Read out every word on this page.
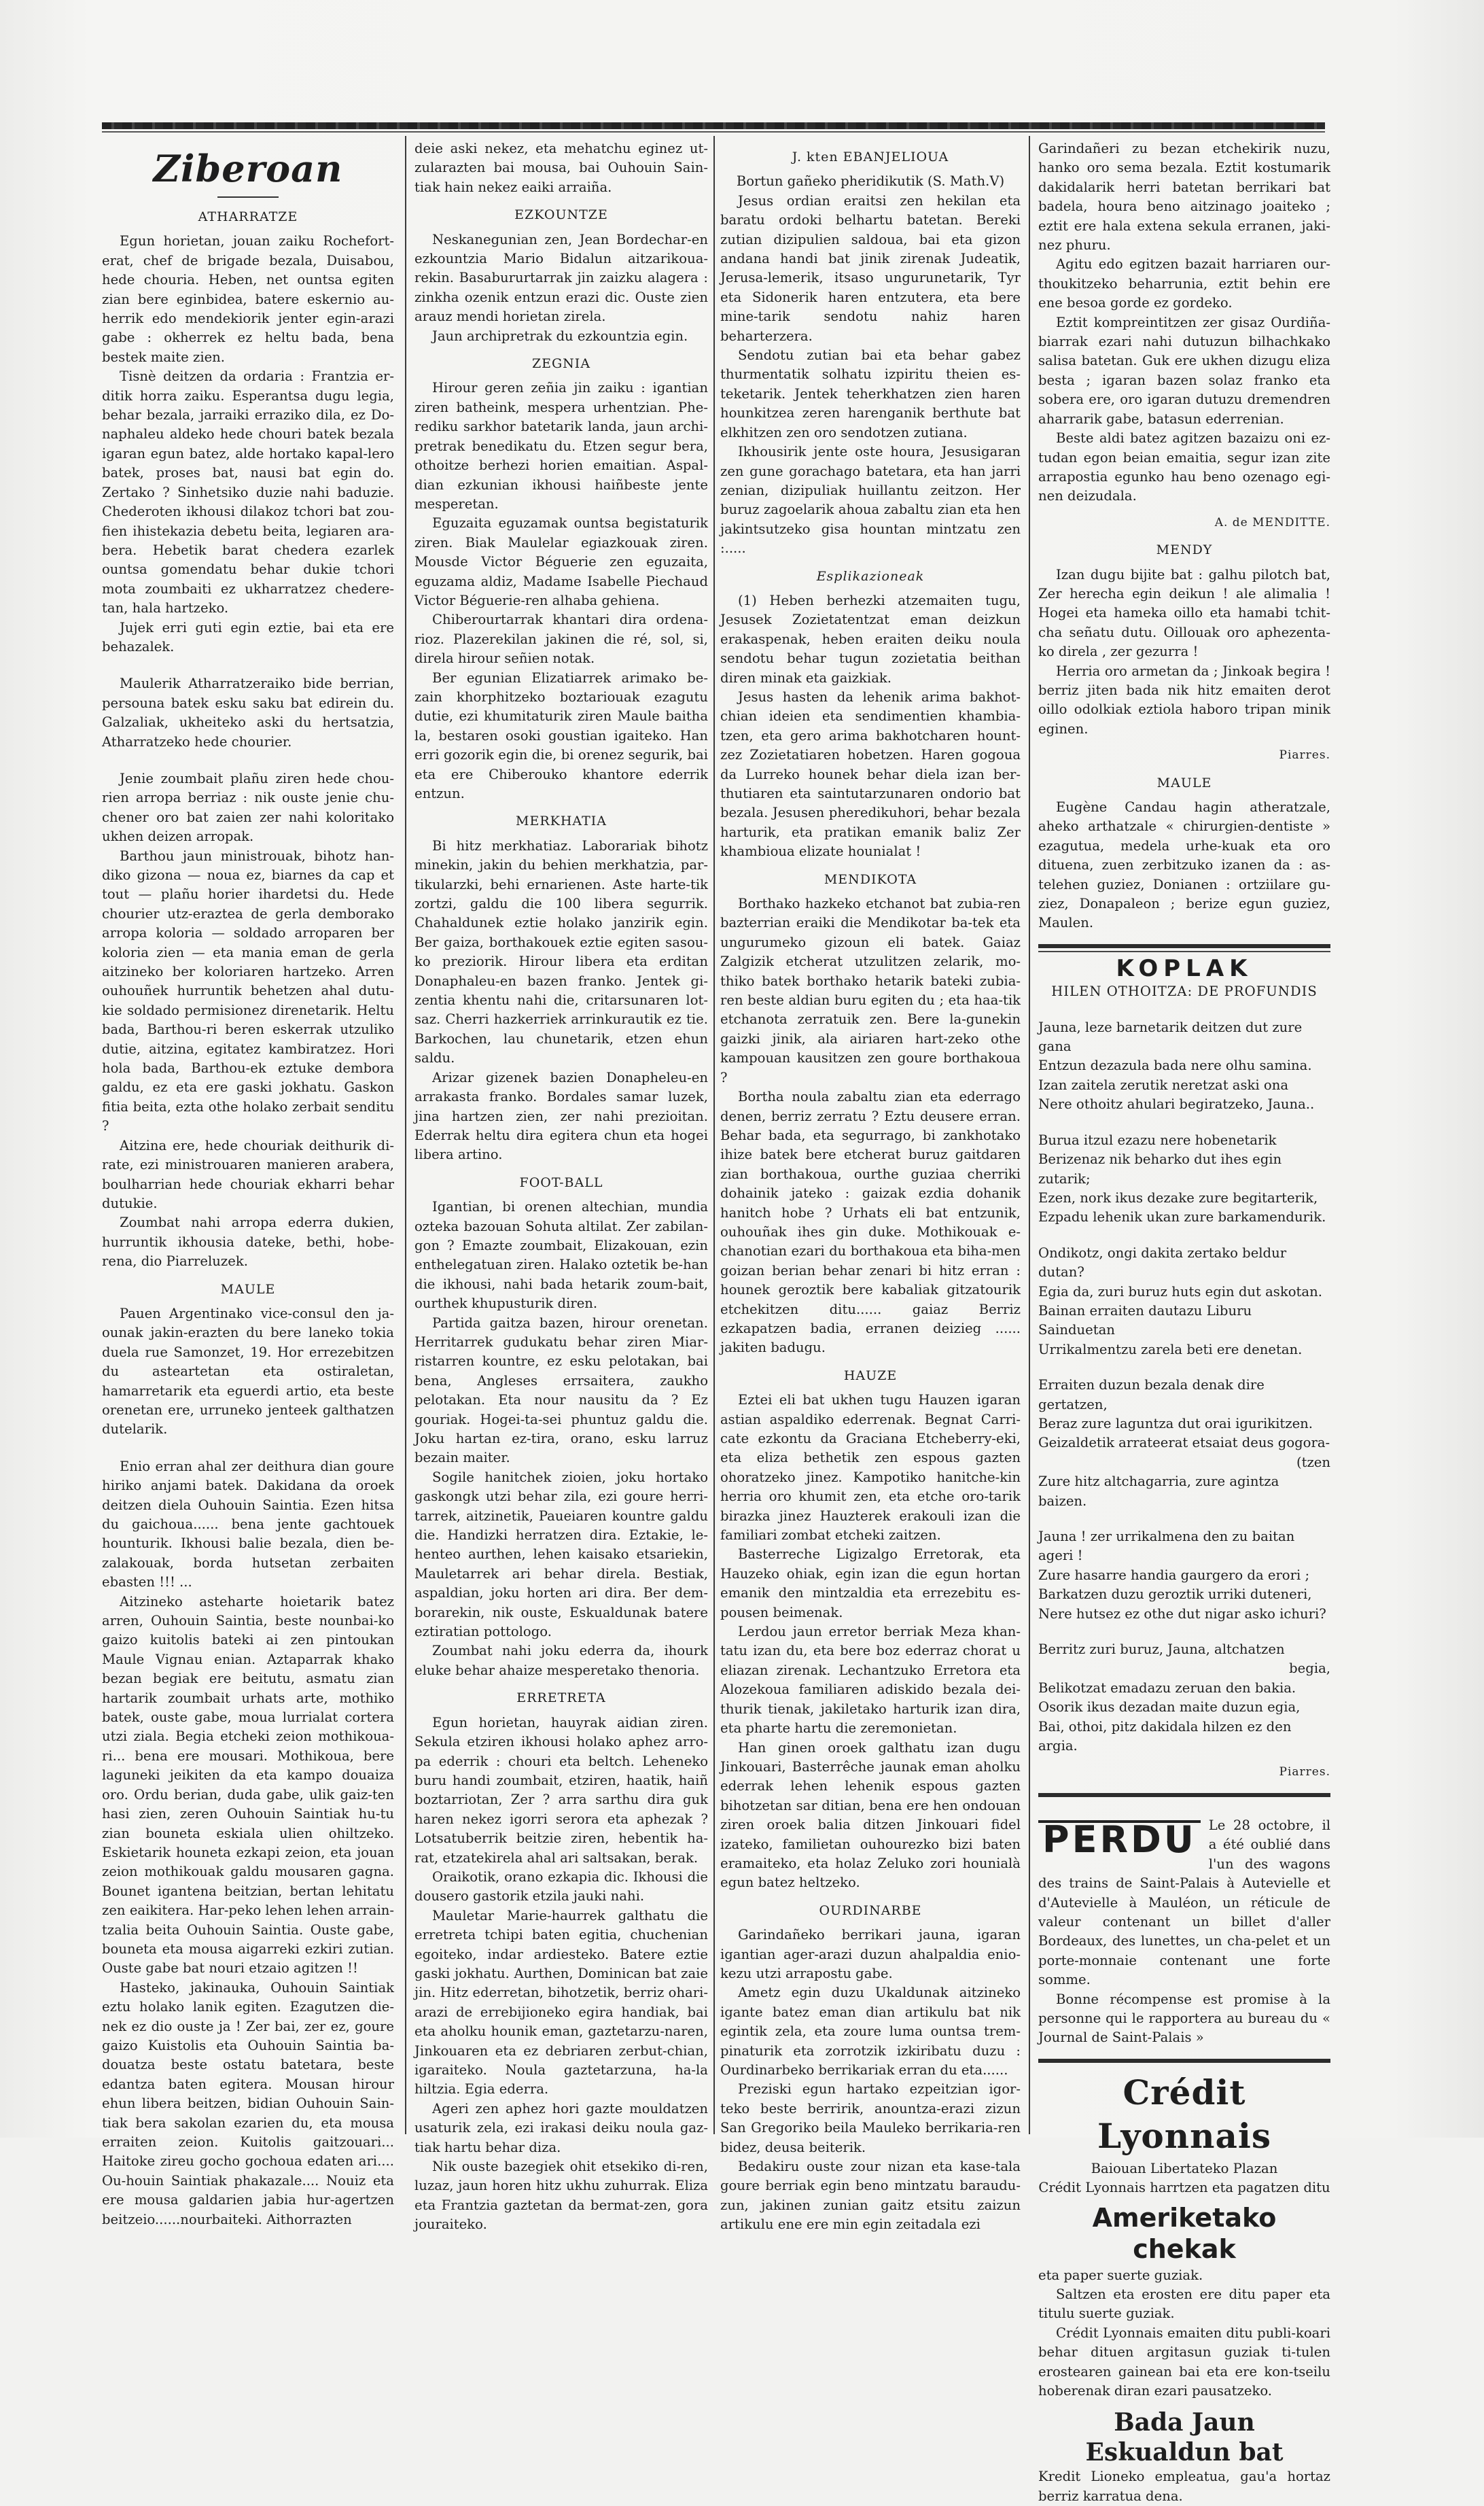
Ziberoan
ATHARRATZE

Egun horietan, jouan zaiku Rochefort-erat, chef de brigade bezala, Duisabou, hede chouria. Heben, net ountsa egiten zian bere eginbidea, batere eskernio au-herrik edo mendekiorik jenter egin-arazi gabe : okherrek ez heltu bada, bena bestek maite zien.

Tisnè deitzen da ordaria : Frantzia er-ditik horra zaiku. Esperantsa dugu legia, behar bezala, jarraiki erraziko dila, ez Do-naphaleu aldeko hede chouri batek bezala igaran egun batez, alde hortako kapal-lero batek, proses bat, nausi bat egin do. Zertako ? Sinhetsiko duzie nahi baduzie. Chederoten ikhousi dilakoz tchori bat zou-fien ihistekazia debetu beita, legiaren ara-bera. Hebetik barat chedera ezarlek ountsa gomendatu behar dukie tchori mota zoumbaiti ez ukharratzez chedere-tan, hala hartzeko.

Jujek erri guti egin eztie, bai eta ere behazalek.

Maulerik Atharratzeraiko bide berrian, persouna batek esku saku bat edirein du. Galzaliak, ukheiteko aski du hertsatzia, Atharratzeko hede chourier.

Jenie zoumbait plañu ziren hede chou-rien arropa berriaz : nik ouste jenie chu-chener oro bat zaien zer nahi koloritako ukhen deizen arropak.

Barthou jaun ministrouak, bihotz han-diko gizona — noua ez, biarnes da cap et tout — plañu horier ihardetsi du. Hede chourier utz-eraztea de gerla demborako arropa koloria — soldado arroparen ber koloria zien — eta mania eman de gerla aitzineko ber koloriaren hartzeko. Arren ouhouñek hurruntik behetzen ahal dutu-kie soldado permisionez direnetarik. Heltu bada, Barthou-ri beren eskerrak utzuliko dutie, aitzina, egitatez kambiratzez. Hori hola bada, Barthou-ek eztuke dembora galdu, ez eta ere gaski jokhatu. Gaskon fitia beita, ezta othe holako zerbait senditu ?

Aitzina ere, hede chouriak deithurik di-rate, ezi ministrouaren manieren arabera, boulharrian hede chouriak ekharri behar dutukie.

Zoumbat nahi arropa ederra dukien, hurruntik ikhousia dateke, bethi, hobe-rena, dio Piarreluzek.

MAULE

Pauen Argentinako vice-consul den ja-ounak jakin-erazten du bere laneko tokia duela rue Samonzet, 19. Hor errezebitzen du asteartetan eta ostiraletan, hamarretarik eta eguerdi artio, eta beste orenetan ere, urruneko jenteek galthatzen dutelarik.

Enio erran ahal zer deithura dian goure hiriko anjami batek. Dakidana da oroek deitzen diela Ouhouin Saintia. Ezen hitsa du gaichoua...... bena jente gachtouek hounturik. Ikhousi balie bezala, dien be-zalakouak, borda hutsetan zerbaiten ebasten !!! ...

Aitzineko asteharte hoietarik batez arren, Ouhouin Saintia, beste nounbai-ko gaizo kuitolis bateki ai zen pintoukan Maule Vignau enian. Aztaparrak khako bezan begiak ere beitutu, asmatu zian hartarik zoumbait urhats arte, mothiko batek, ouste gabe, moua lurrialat cortera utzi ziala. Begia etcheki zeion mothikoua-ri... bena ere mousari. Mothikoua, bere laguneki jeikiten da eta kampo douaiza oro. Ordu berian, duda gabe, ulik gaiz-ten hasi zien, zeren Ouhouin Saintiak hu-tu zian bouneta eskiala ulien ohiltzeko. Eskietarik houneta ezkapi zeion, eta jouan zeion mothikouak galdu mousaren gagna. Bounet igantena beitzian, bertan lehitatu zen eaikitera. Har-peko lehen lehen arrain-tzalia beita Ouhouin Saintia. Ouste gabe, bouneta eta mousa aigarreki ezkiri zutian. Ouste gabe bat nouri etzaio agitzen !!

Hasteko, jakinauka, Ouhouin Saintiak eztu holako lanik egiten. Ezagutzen die-nek ez dio ouste ja ! Zer bai, zer ez, goure gaizo Kuistolis eta Ouhouin Saintia ba-douatza beste ostatu batetara, beste edantza baten egitera. Mousan hirour ehun libera beitzen, bidian Ouhouin Sain-tiak bera sakolan ezarien du, eta mousa erraiten zeion. Kuitolis gaitzouari... Haitoke zireu gocho gochoua edaten ari.... Ou-houin Saintiak phakazale.... Nouiz eta ere mousa galdarien jabia hur-agertzen beitzeio......nourbaiteki. Aithorrazten

deie aski nekez, eta mehatchu eginez ut-zularazten bai mousa, bai Ouhouin Sain-tiak hain nekez eaiki arraiña.

EZKOUNTZE

Neskanegunian zen, Jean Bordechar-en ezkountzia Mario Bidalun aitzarikoua-rekin. Basabururtarrak jin zaizku alagera : zinkha ozenik entzun erazi dic. Ouste zien arauz mendi horietan zirela.

Jaun archipretrak du ezkountzia egin.

ZEGNIA

Hirour geren zeñia jin zaiku : igantian ziren batheink, mespera urhentzian. Phe-rediku sarkhor batetarik landa, jaun archi-pretrak benedikatu du. Etzen segur bera, othoitze berhezi horien emaitian. Aspal-dian ezkunian ikhousi haiñbeste jente mesperetan.

Eguzaita eguzamak ountsa begistaturik ziren. Biak Maulelar egiazkouak ziren. Mousde Victor Béguerie zen eguzaita, eguzama aldiz, Madame Isabelle Piechaud Victor Béguerie-ren alhaba gehiena.

Chiberourtarrak khantari dira ordena-rioz. Plazerekilan jakinen die ré, sol, si, direla hirour señien notak.

Ber egunian Elizatiarrek arimako be-zain khorphitzeko boztariouak ezagutu dutie, ezi khumitaturik ziren Maule baitha la, bestaren osoki goustian igaiteko. Han erri gozorik egin die, bi orenez segurik, bai eta ere Chiberouko khantore ederrik entzun.

MERKHATIA

Bi hitz merkhatiaz. Laborariak bihotz minekin, jakin du behien merkhatzia, par-tikularzki, behi ernarienen. Aste harte-tik zortzi, galdu die 100 libera segurrik. Chahaldunek eztie holako janzirik egin. Ber gaiza, borthakouek eztie egiten sasou-ko preziorik. Hirour libera eta erditan Donaphaleu-en bazen franko. Jentek gi-zentia khentu nahi die, critarsunaren lot-saz. Cherri hazkerriek arrinkurautik ez tie. Barkochen, lau chunetarik, etzen ehun saldu.

Arizar gizenek bazien Donapheleu-en arrakasta franko. Bordales samar luzek, jina hartzen zien, zer nahi prezioitan. Ederrak heltu dira egitera chun eta hogei libera artino.

FOOT-BALL

Igantian, bi orenen altechian, mundia ozteka bazouan Sohuta altilat. Zer zabilan-gon ? Emazte zoumbait, Elizakouan, ezin enthelegatuan ziren. Halako oztetik be-han die ikhousi, nahi bada hetarik zoum-bait, ourthek khupusturik diren.

Partida gaitza bazen, hirour orenetan. Herritarrek gudukatu behar ziren Miar-ristarren kountre, ez esku pelotakan, bai bena, Angleses errsaitera, zaukho pelotakan. Eta nour nausitu da ? Ez gouriak. Hogei-ta-sei phuntuz galdu die. Joku hartan ez-tira, orano, esku larruz bezain maiter.

Sogile hanitchek zioien, joku hortako gaskongk utzi behar zila, ezi goure herri-tarrek, aitzinetik, Paueiaren kountre galdu die. Handizki herratzen dira. Eztakie, le-henteo aurthen, lehen kaisako etsariekin, Mauletarrek ari behar direla. Bestiak, aspaldian, joku horten ari dira. Ber dem-borarekin, nik ouste, Eskualdunak batere eztiratian pottologo.

Zoumbat nahi joku ederra da, ihourk eluke behar ahaize mesperetako thenoria.

ERRETRETA

Egun horietan, hauyrak aidian ziren. Sekula etziren ikhousi holako aphez arro-pa ederrik : chouri eta beltch. Leheneko buru handi zoumbait, etziren, haatik, haiñ boztarriotan, Zer ? arra sarthu dira guk haren nekez igorri serora eta aphezak ? Lotsatuberrik beitzie ziren, hebentik ha-rat, etzatekirela ahal ari saltsakan, berak.

Oraikotik, orano ezkapia dic. Ikhousi die dousero gastorik etzila jauki nahi.

Mauletar Marie-haurrek galthatu die erretreta tchipi baten egitia, chuchenian egoiteko, indar ardiesteko. Batere eztie gaski jokhatu. Aurthen, Dominican bat zaie jin. Hitz ederretan, bihotzetik, berriz ohari-arazi de errebijioneko egira handiak, bai eta aholku hounik eman, gaztetarzu-naren, Jinkouaren eta ez debriaren zerbut-chian, igaraiteko. Noula gaztetarzuna, ha-la hiltzia. Egia ederra.

Ageri zen aphez hori gazte mouldatzen usaturik zela, ezi irakasi deiku noula gaz-tiak hartu behar diza.

Nik ouste bazegiek ohit etsekiko di-ren, luzaz, jaun horen hitz ukhu zuhurrak. Eliza eta Frantzia gaztetan da bermat-zen, gora jouraiteko.

J. kten EBANJELIOUA

Bortun gañeko pheridikutik (S. Math.V)

Jesus ordian eraitsi zen hekilan eta baratu ordoki belhartu batetan. Bereki zutian dizipulien saldoua, bai eta gizon andana handi bat jinik zirenak Judeatik, Jerusa-lemerik, itsaso ungurunetarik, Tyr eta Sidonerik haren entzutera, eta bere mine-tarik sendotu nahiz haren beharterzera.

Sendotu zutian bai eta behar gabez thurmentatik solhatu izpiritu theien es-teketarik. Jentek teherkhatzen zien haren hounkitzea zeren harenganik berthute bat elkhitzen zen oro sendotzen zutiana.

Ikhousirik jente oste houra, Jesusigaran zen gune gorachago batetara, eta han jarri zenian, dizipuliak huillantu zeitzon. Her buruz zagoelarik ahoua zabaltu zian eta hen jakintsutzeko gisa hountan mintzatu zen :.....

Esplikazioneak

(1) Heben berhezki atzemaiten tugu, Jesusek Zozietatentzat eman deizkun erakaspenak, heben eraiten deiku noula sendotu behar tugun zozietatia beithan diren minak eta gaizkiak.

Jesus hasten da lehenik arima bakhot-chian ideien eta sendimentien khambia-tzen, eta gero arima bakhotcharen hount-zez Zozietatiaren hobetzen. Haren gogoua da Lurreko hounek behar diela izan ber-thutiaren eta saintutarzunaren ondorio bat bezala. Jesusen pheredikuhori, behar bezala harturik, eta pratikan emanik baliz Zer khambioua elizate hounialat !

MENDIKOTA

Borthako hazkeko etchanot bat zubia-ren bazterrian eraiki die Mendikotar ba-tek eta ungurumeko gizoun eli batek. Gaiaz Zalgizik etcherat utzulitzen zelarik, mo-thiko batek borthako hetarik bateki zubia-ren beste aldian buru egiten du ; eta haa-tik etchanota zerratuik zen. Bere la-gunekin gaizki jinik, ala airiaren hart-zeko othe kampouan kausitzen zen goure borthakoua ?

Bortha noula zabaltu zian eta ederrago denen, berriz zerratu ? Eztu deusere erran. Behar bada, eta segurrago, bi zankhotako ihize batek bere etcherat buruz gaitdaren zian borthakoua, ourthe guziaa cherriki dohainik jateko : gaizak ezdia dohanik hanitch hobe ? Urhats eli bat entzunik, ouhouñak ihes gin duke. Mothikouak e-chanotian ezari du borthakoua eta biha-men goizan berian behar zenari bi hitz erran : hounek geroztik bere kabaliak gitzatourik etchekitzen ditu...... gaiaz Berriz ezkapatzen badia, erranen deizieg ...... jakiten badugu.

HAUZE

Eztei eli bat ukhen tugu Hauzen igaran astian aspaldiko ederrenak. Begnat Carri-cate ezkontu da Graciana Etcheberry-eki, eta eliza bethetik zen espous gazten ohoratzeko jinez. Kampotiko hanitche-kin herria oro khumit zen, eta etche oro-tarik birazka jinez Hauzterek erakouli izan die familiari zombat etcheki zaitzen.

Basterreche Ligizalgo Erretorak, eta Hauzeko ohiak, egin izan die egun hortan emanik den mintzaldia eta errezebitu es-pousen beimenak.

Lerdou jaun erretor berriak Meza khan-tatu izan du, eta bere boz ederraz chorat u eliazan zirenak. Lechantzuko Erretora eta Alozekoua familiaren adiskido bezala dei-thurik tienak, jakiletako harturik izan dira, eta pharte hartu die zeremonietan.

Han ginen oroek galthatu izan dugu Jinkouari, Basterrêche jaunak eman aholku ederrak lehen lehenik espous gazten bihotzetan sar ditian, bena ere hen ondouan ziren oroek balia ditzen Jinkouari fidel izateko, familietan ouhourezko bizi baten eramaiteko, eta holaz Zeluko zori hounialà egun batez heltzeko.

OURDINARBE

Garindañeko berrikari jauna, igaran igantian ager-arazi duzun ahalpaldia enio-kezu utzi arrapostu gabe.

Ametz egin duzu Ukaldunak aitzineko igante batez eman dian artikulu bat nik egintik zela, eta zoure luma ountsa trem-pinaturik eta zorrotzik izkiribatu duzu : Ourdinarbeko berrikariak erran du eta......

Preziski egun hartako ezpeitzian igor-teko beste berririk, anountza-erazi zizun San Gregoriko beila Mauleko berrikaria-ren bidez, deusa beiterik.

Bedakiru ouste zour nizan eta kase-tala goure berriak egin beno mintzatu baraudu-zun, jakinen zunian gaitz etsitu zaizun artikulu ene ere min egin zeitadala ezi

Garindañeri zu bezan etchekirik nuzu, hanko oro sema bezala. Eztit kostumarik dakidalarik herri batetan berrikari bat badela, houra beno aitzinago joaiteko ; eztit ere hala extena sekula erranen, jaki-nez phuru.

Agitu edo egitzen bazait harriaren our-thoukitzeko beharrunia, eztit behin ere ene besoa gorde ez gordeko.

Eztit kompreintitzen zer gisaz Ourdiña-biarrak ezari nahi dutuzun bilhachkako salisa batetan. Guk ere ukhen dizugu eliza besta ; igaran bazen solaz franko eta sobera ere, oro igaran dutuzu dremendren aharrarik gabe, batasun ederrenian.

Beste aldi batez agitzen bazaizu oni ez-tudan egon beian emaitia, segur izan zite arrapostia egunko hau beno ozenago egi-nen deizudala.

A. de MENDITTE.
MENDY

Izan dugu bijite bat : galhu pilotch bat, Zer herecha egin deikun ! ale alimalia ! Hogei eta hameka oillo eta hamabi tchit-cha señatu dutu. Oillouak oro aphezenta-ko direla , zer gezurra !

Herria oro armetan da ; Jinkoak begira ! berriz jiten bada nik hitz emaiten derot oillo odolkiak eztiola haboro tripan minik eginen.

Piarres.
MAULE

Eugène Candau hagin atheratzale, aheko arthatzale « chirurgien-dentiste » ezagutua, medela urhe-kuak eta oro dituena, zuen zerbitzuko izanen da : as-telehen guziez, Donianen : ortziilare gu-ziez, Donapaleon ; berize egun guziez, Maulen.

KOPLAK
HILEN OTHOITZA: DE PROFUNDIS
Jauna, leze barnetarik deitzen dut zure gana
Entzun dezazula bada nere olhu samina.
Izan zaitela zerutik neretzat aski ona
Nere othoitz ahulari begiratzeko, Jauna..
Burua itzul ezazu nere hobenetarik
Berizenaz nik beharko dut ihes egin zutarik;
Ezen, nork ikus dezake zure begitarterik,
Ezpadu lehenik ukan zure barkamendurik.
Ondikotz, ongi dakita zertako beldur dutan?
Egia da, zuri buruz huts egin dut askotan.
Bainan erraiten dautazu Liburu Sainduetan
Urrikalmentzu zarela beti ere denetan.
Erraiten duzun bezala denak dire gertatzen,
Beraz zure laguntza dut orai igurikitzen.
Geizaldetik arrateerat etsaiat deus gogora-
(tzen
Zure hitz altchagarria, zure agintza baizen.
Jauna ! zer urrikalmena den zu baitan ageri !
Zure hasarre handia gaurgero da erori ;
Barkatzen duzu geroztik urriki duteneri,
Nere hutsez ez othe dut nigar asko ichuri?
Berritz zuri buruz, Jauna, altchatzen
begia,
Belikotzat emadazu zeruan den bakia.
Osorik ikus dezadan maite duzun egia,
Bai, othoi, pitz dakidala hilzen ez den argia.
Piarres.
PERDU Le 28 octobre, il a été oublié dans l'un des wagons des trains de Saint-Palais à Autevielle et d'Autevielle à Mauléon, un réticule de valeur contenant un billet d'aller Bordeaux, des lunettes, un cha-pelet et un porte-monnaie contenant une forte somme.

Bonne récompense est promise à la personne qui le rapportera au bureau du « Journal de Saint-Palais »

Crédit Lyonnais
Baiouan Libertateko Plazan
Crédit Lyonnais harrtzen eta pagatzen ditu
Ameriketako chekak

eta paper suerte guziak.

Saltzen eta erosten ere ditu paper eta titulu suerte guziak.

Crédit Lyonnais emaiten ditu publi-koari behar dituen argitasun guziak ti-tulen erostearen gainean bai eta ere kon-tseilu hoberenak diran ezari pausatzeko.

Bada Jaun Eskualdun bat

Kredit Lioneko empleatua, gau'a hortaz berriz karratua dena.
